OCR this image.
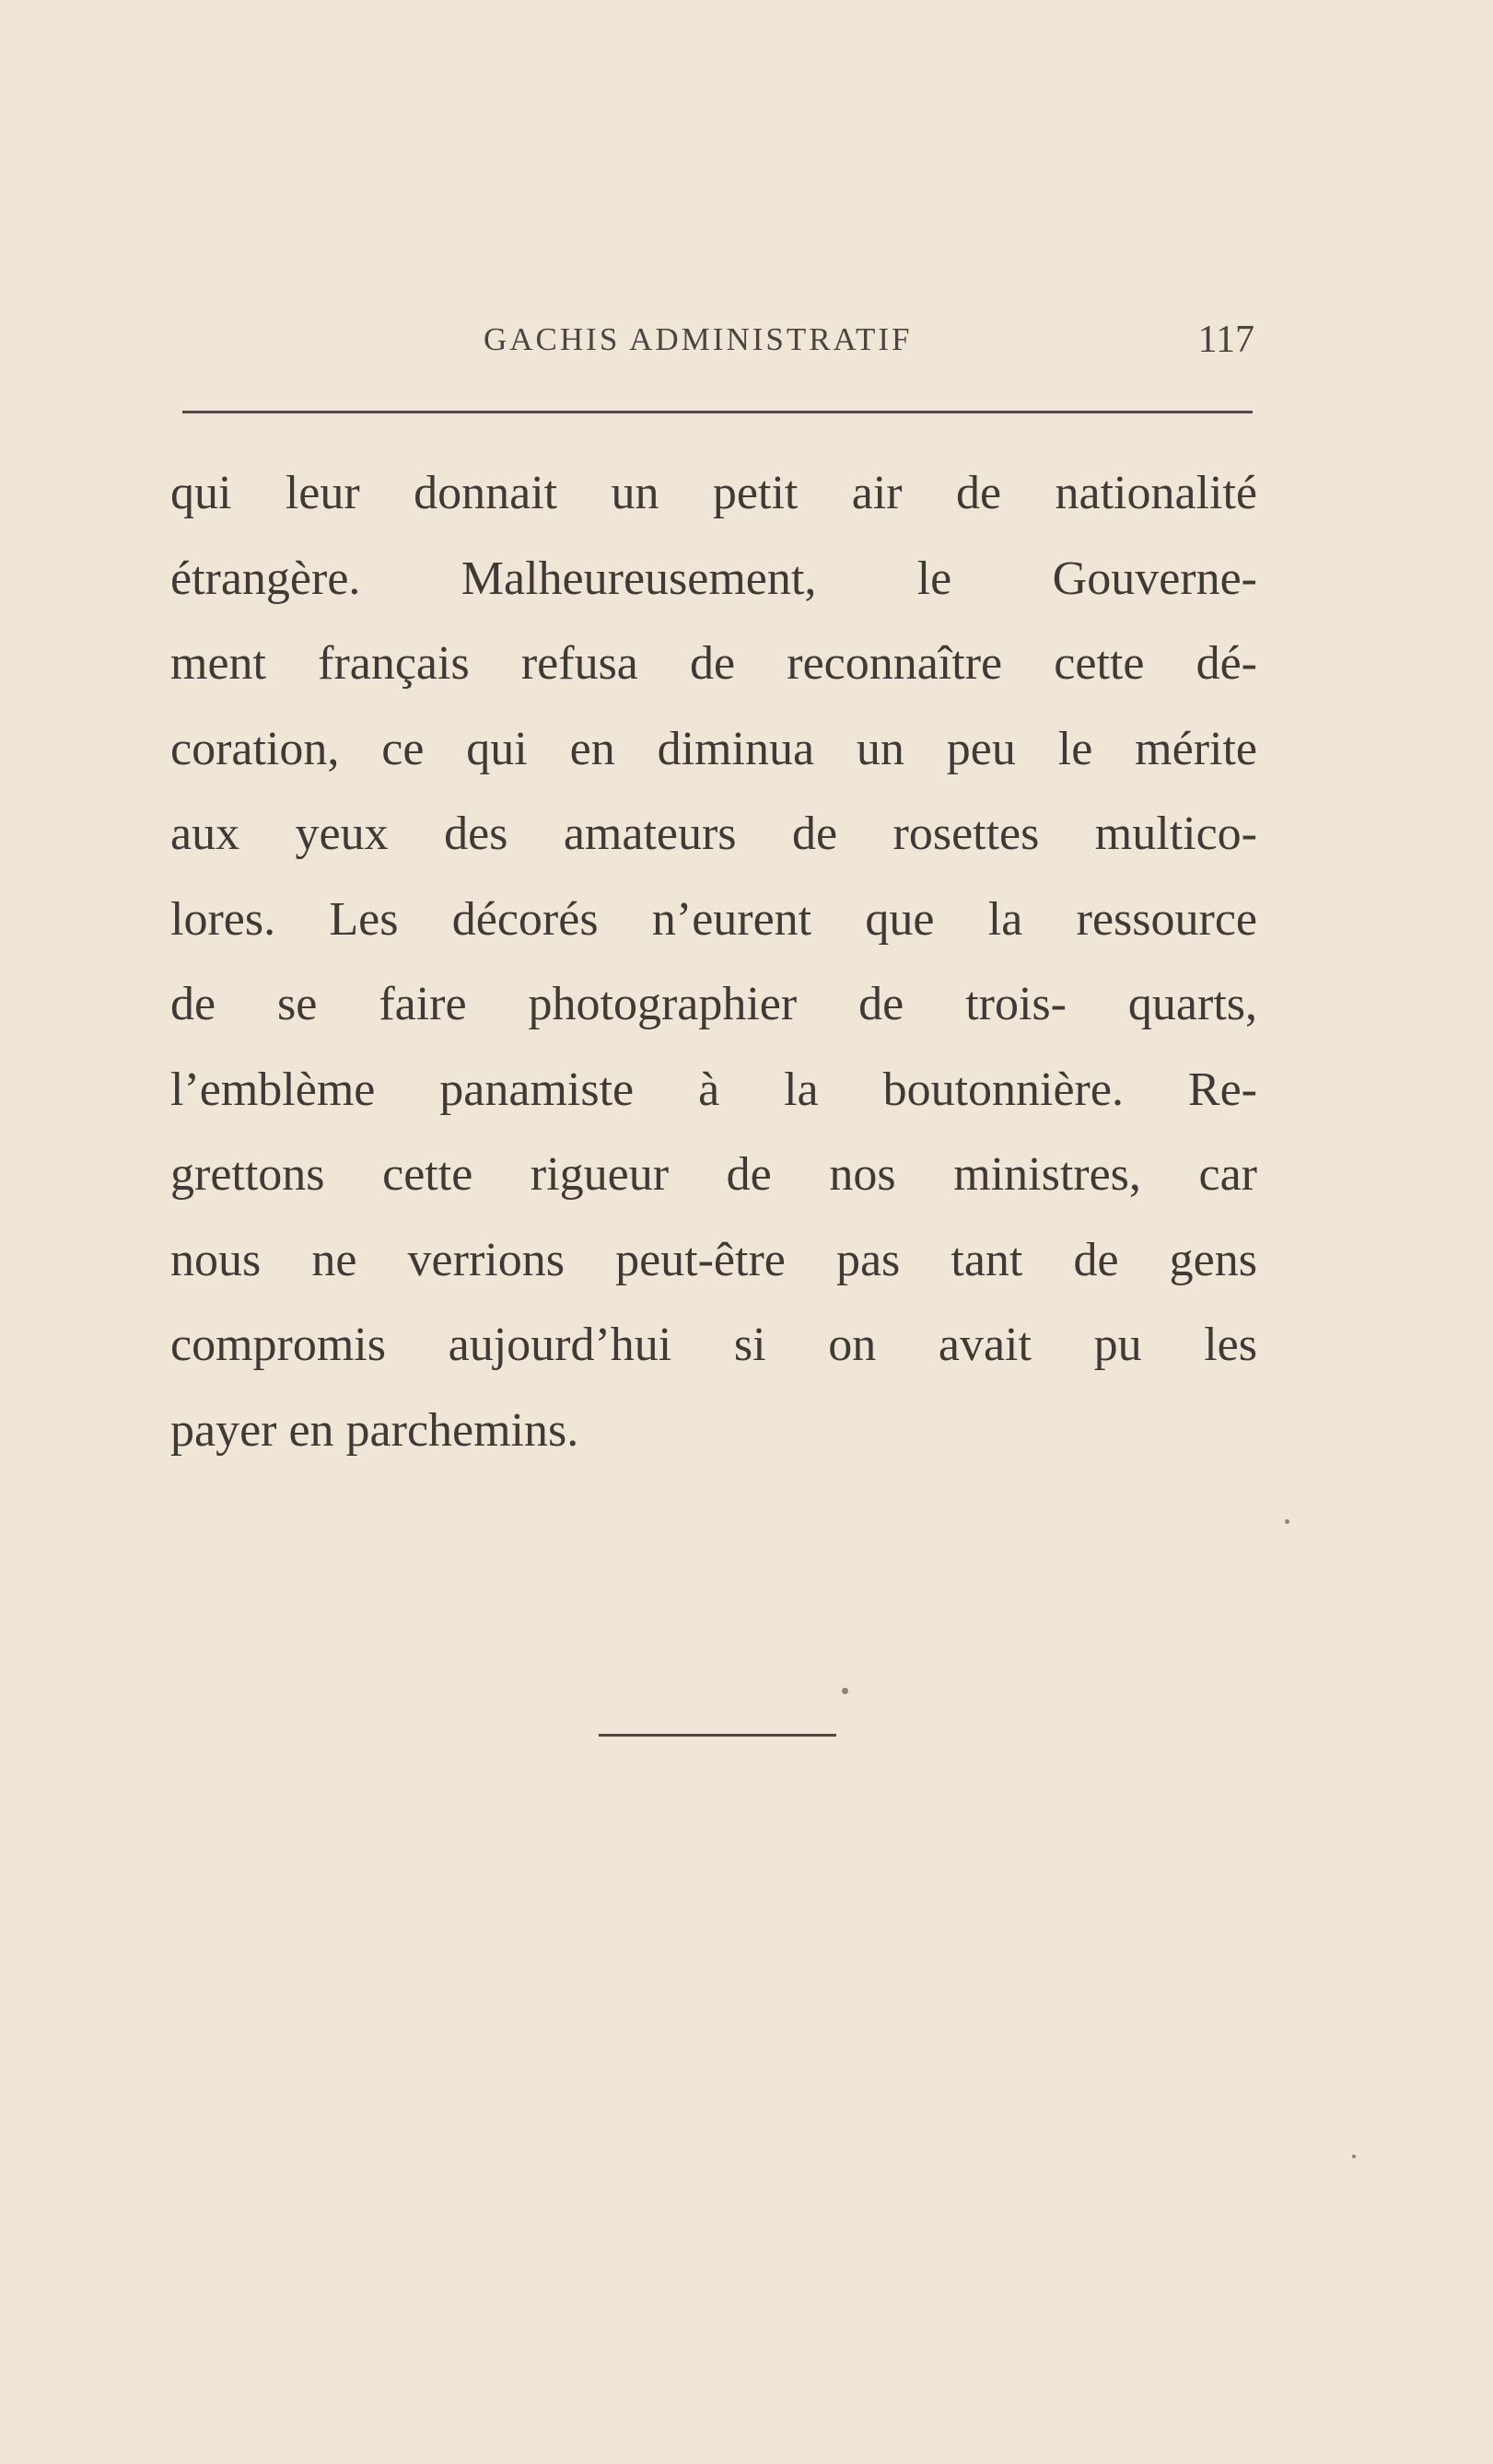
GACHIS ADMINISTRATIF	117
qui leur donnait un petit air de nationalité
étrangère. Malheureusement, le Gouverne-
ment français refusa de reconnaître cette dé-
coration, ce qui en diminua un peu le mérite
aux yeux des amateurs de rosettes multico-
lores. Les décorés n’eurent que la ressource
de se faire photographier de trois- quarts,
l’emblème panamiste à la boutonnière. Re-
grettons cette rigueur de nos ministres, car
nous ne verrions peut-être pas tant de gens
compromis aujourd’hui si on avait pu les
payer en parchemins.
